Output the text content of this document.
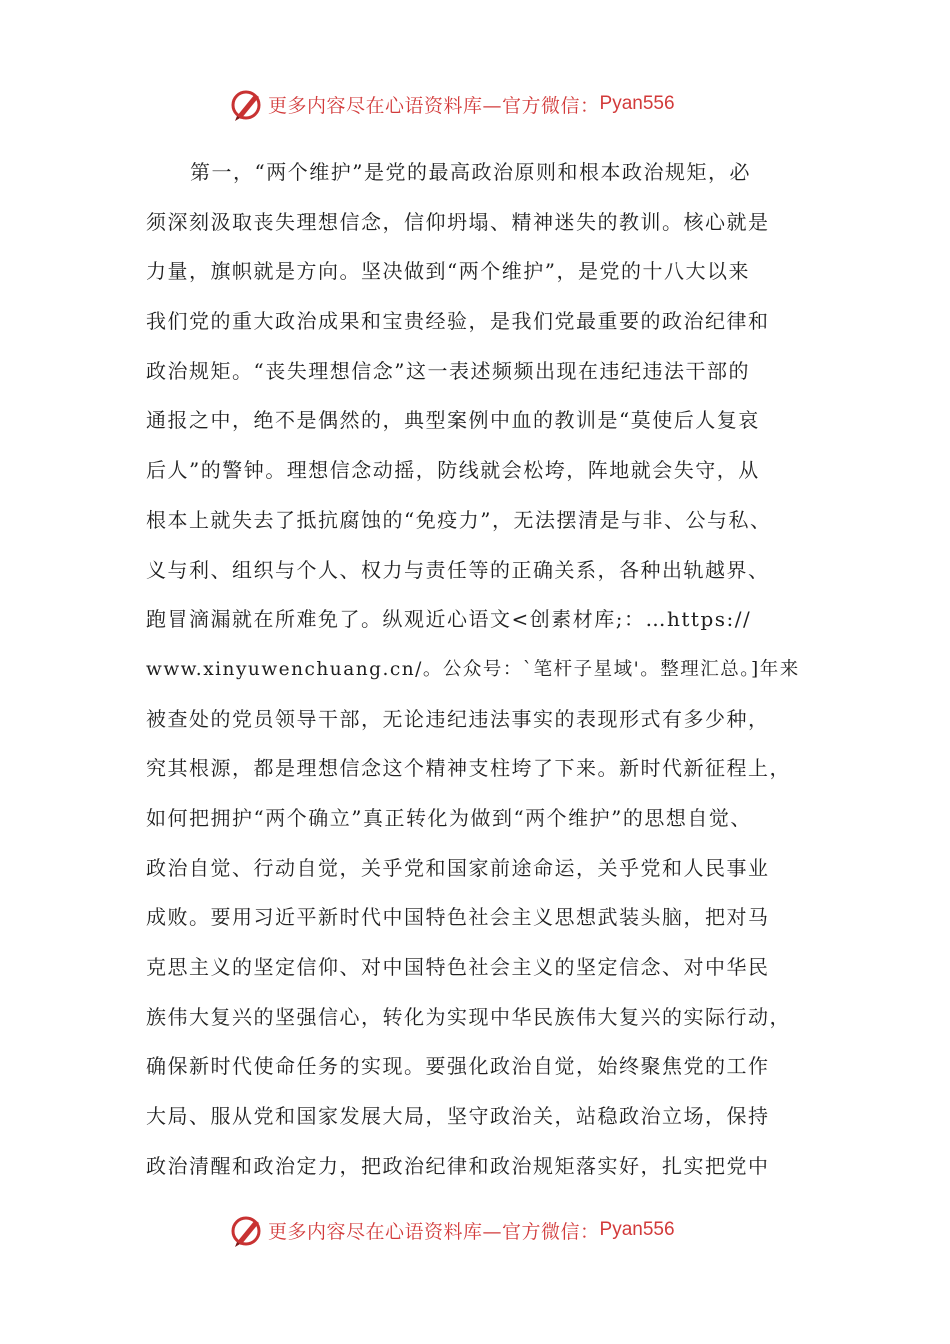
更多内容尽在心语资料库—官方微信： Pyan556
第一，“两个维护”是党的最高政治原则和根本政治规矩，必
须深刻汲取丧失理想信念，信仰坍塌、精神迷失的教训。核心就是
力量，旗帜就是方向。坚决做到“两个维护”，是党的十八大以来
我们党的重大政治成果和宝贵经验，是我们党最重要的政治纪律和
政治规矩。“丧失理想信念”这一表述频频出现在违纪违法干部的
通报之中，绝不是偶然的，典型案例中血的教训是“莫使后人复哀
后人”的警钟。理想信念动摇，防线就会松垮，阵地就会失守，从
根本上就失去了抵抗腐蚀的“免疫力”，无法摆清是与非、公与私、
义与利、组织与个人、权力与责任等的正确关系，各种出轨越界、
跑冒滴漏就在所难免了。纵观近心语文<创素材库;：…https://
www.xinyuwenchuang.cn/。公众号：`笔杆子星域'。整理汇总。]年来
被查处的党员领导干部，无论违纪违法事实的表现形式有多少种，
究其根源，都是理想信念这个精神支柱垮了下来。新时代新征程上，
如何把拥护“两个确立”真正转化为做到“两个维护”的思想自觉、
政治自觉、行动自觉，关乎党和国家前途命运，关乎党和人民事业
成败。要用习近平新时代中国特色社会主义思想武装头脑，把对马
克思主义的坚定信仰、对中国特色社会主义的坚定信念、对中华民
族伟大复兴的坚强信心，转化为实现中华民族伟大复兴的实际行动，
确保新时代使命任务的实现。要强化政治自觉，始终聚焦党的工作
大局、服从党和国家发展大局，坚守政治关，站稳政治立场，保持
政治清醒和政治定力，把政治纪律和政治规矩落实好，扎实把党中
更多内容尽在心语资料库—官方微信： Pyan556
